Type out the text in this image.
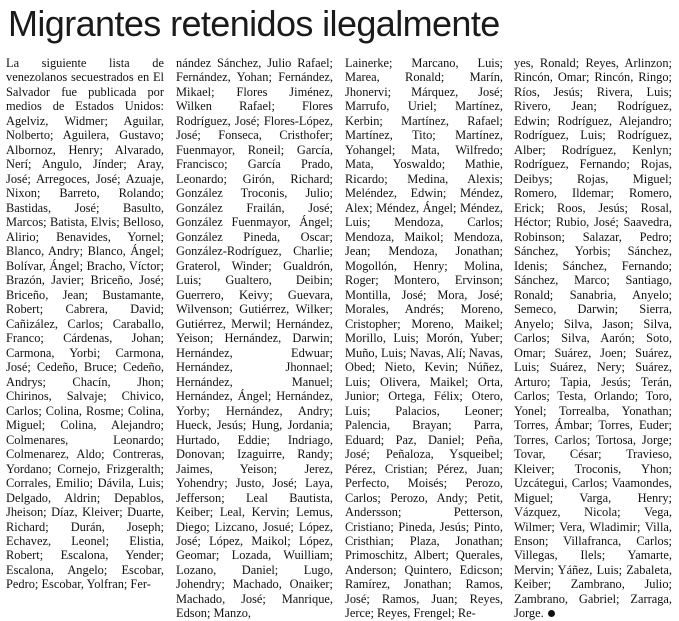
Migrantes retenidos ilegalmente

La siguiente lista de venezolanos secuestrados en El Salvador fue publicada por medios de Estados Unidos: Agelviz, Widmer; Aguilar, Nolberto; Aguilera, Gustavo; Albornoz, Henry; Alvarado, Nerí; Angulo, Jínder; Aray, José; Arregoces, José; Azuaje, Nixon; Barreto, Rolando; Bastidas, José; Basulto, Marcos; Batista, Elvis; Belloso, Alirio; Benavides, Yornel; Blanco, Andry; Blanco, Ángel; Bolívar, Ángel; Bracho, Víctor; Brazón, Javier; Briceño, José; Briceño, Jean; Bustamante, Robert; Cabrera, David; Cañizález, Carlos; Caraballo, Franco; Cárdenas, Johan; Carmona, Yorbi; Carmona, José; Cedeño, Bruce; Cedeño, Andrys; Chacín, Jhon; Chirinos, Salvaje; Chivico, Carlos; Colina, Rosme; Colina, Miguel; Colina, Alejandro; Colmenares, Leonardo; Colmenarez, Aldo; Contreras, Yordano; Cornejo, Frizgeralth; Corrales, Emilio; Dávila, Luis; Delgado, Aldrin; Depablos, Jheison; Díaz, Kleiver; Duarte, Richard; Durán, Joseph; Echavez, Leonel; Elistia, Robert; Escalona, Yender; Escalona, Angelo; Escobar, Pedro; Escobar, Yolfran; Fer-

nández Sánchez, Julio Rafael; Fernández, Yohan; Fernández, Mikael; Flores Jiménez, Wilken Rafael; Flores Rodríguez, José; Flores-López, José; Fonseca, Cristhofer; Fuenmayor, Roneil; García, Francisco; García Prado, Leonardo; Girón, Richard; González Troconis, Julio; González Frailán, José; González Fuenmayor, Ángel; González Pineda, Oscar; González-Rodríguez, Charlie; Graterol, Winder; Gualdrón, Luis; Gualtero, Deibin; Guerrero, Keivy; Guevara, Wilvenson; Gutiérrez, Wilker; Gutiérrez, Merwil; Hernández, Yeison; Hernández, Darwin; Hernández, Edwuar; Hernández, Jhonnael; Hernández, Manuel; Hernández, Ángel; Hernández, Yorby; Hernández, Andry; Hueck, Jesús; Hung, Jordania; Hurtado, Eddie; Indriago, Donovan; Izaguirre, Randy; Jaimes, Yeison; Jerez, Yohendry; Justo, José; Laya, Jefferson; Leal Bautista, Keiber; Leal, Kervin; Lemus, Diego; Lizcano, Josué; López, José; López, Maikol; López, Geomar; Lozada, Wuilliam; Lozano, Daniel; Lugo, Johendry; Machado, Onaiker; Machado, José; Manrique, Edson; Manzo,

Lainerke; Marcano, Luis; Marea, Ronald; Marín, Jhonervi; Márquez, José; Marrufo, Uriel; Martínez, Kerbin; Martínez, Rafael; Martínez, Tito; Martínez, Yohangel; Mata, Wilfredo; Mata, Yoswaldo; Mathie, Ricardo; Medina, Alexis; Meléndez, Edwin; Méndez, Alex; Méndez, Ángel; Méndez, Luis; Mendoza, Carlos; Mendoza, Maikol; Mendoza, Jean; Mendoza, Jonathan; Mogollón, Henry; Molina, Roger; Montero, Ervinson; Montilla, José; Mora, José; Morales, Andrés; Moreno, Cristopher; Moreno, Maikel; Morillo, Luis; Morón, Yuber; Muño, Luis; Navas, Alí; Navas, Obed; Nieto, Kevin; Núñez, Luis; Olivera, Maikel; Orta, Junior; Ortega, Félix; Otero, Luis; Palacios, Leoner; Palencia, Brayan; Parra, Eduard; Paz, Daniel; Peña, José; Peñaloza, Ysqueibel; Pérez, Cristian; Pérez, Juan; Perfecto, Moisés; Perozo, Carlos; Perozo, Andy; Petit, Andersson; Petterson, Cristiano; Pineda, Jesús; Pinto, Cristhian; Plaza, Jonathan; Primoschitz, Albert; Querales, Anderson; Quintero, Edicson; Ramírez, Jonathan; Ramos, José; Ramos, Juan; Reyes, Jerce; Reyes, Frengel; Re-

yes, Ronald; Reyes, Arlinzon; Rincón, Omar; Rincón, Ringo; Ríos, Jesús; Rivera, Luis; Rivero, Jean; Rodríguez, Edwin; Rodríguez, Alejandro; Rodríguez, Luis; Rodríguez, Alber; Rodríguez, Kenlyn; Rodríguez, Fernando; Rojas, Deibys; Rojas, Miguel; Romero, Ildemar; Romero, Erick; Roos, Jesús; Rosal, Héctor; Rubio, José; Saavedra, Robinson; Salazar, Pedro; Sánchez, Yorbis; Sánchez, Idenis; Sánchez, Fernando; Sánchez, Marco; Santiago, Ronald; Sanabria, Anyelo; Semeco, Darwin; Sierra, Anyelo; Silva, Jason; Silva, Carlos; Silva, Aarón; Soto, Omar; Suárez, Joen; Suárez, Luis; Suárez, Nery; Suárez, Arturo; Tapia, Jesús; Terán, Carlos; Testa, Orlando; Toro, Yonel; Torrealba, Yonathan; Torres, Ámbar; Torres, Euder; Torres, Carlos; Tortosa, Jorge; Tovar, César; Travieso, Kleiver; Troconis, Yhon; Uzcátegui, Carlos; Vaamondes, Miguel; Varga, Henry; Vázquez, Nicola; Vega, Wilmer; Vera, Wladimir; Villa, Enson; Villafranca, Carlos; Villegas, Ilels; Yamarte, Mervin; Yáñez, Luis; Zabaleta, Keiber; Zambrano, Julio; Zambrano, Gabriel; Zarraga, Jorge.
